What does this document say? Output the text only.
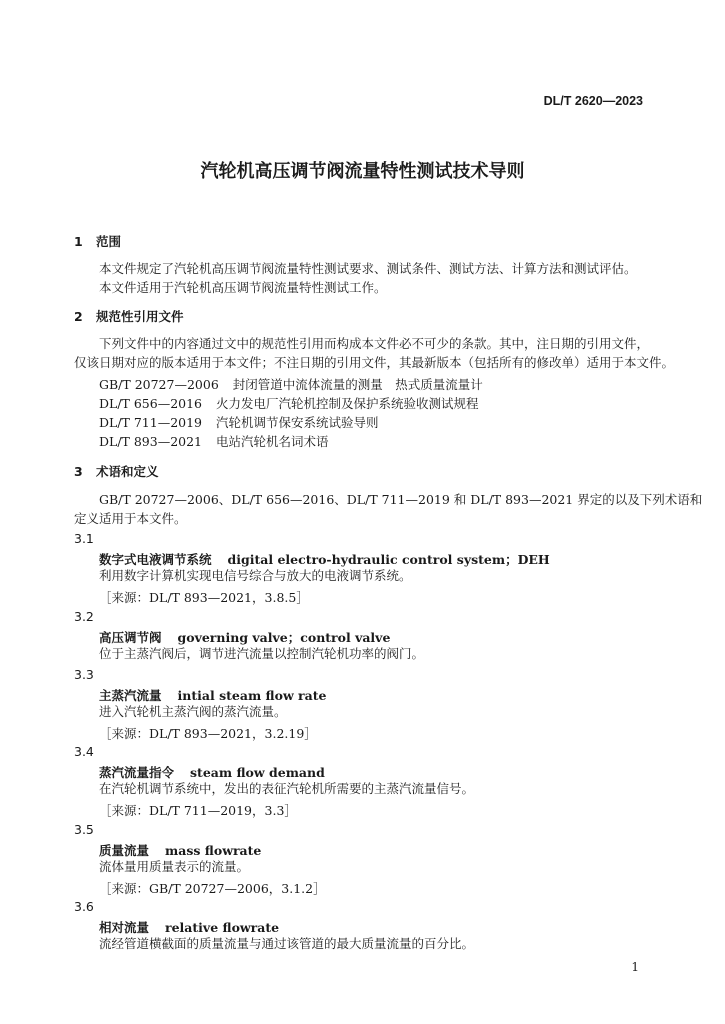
DL/T 2620—2023
汽轮机高压调节阀流量特性测试技术导则
1 范围
本文件规定了汽轮机高压调节阀流量特性测试要求、测试条件、测试方法、计算方法和测试评估。
本文件适用于汽轮机高压调节阀流量特性测试工作。
2 规范性引用文件
下列文件中的内容通过文中的规范性引用而构成本文件必不可少的条款。其中，注日期的引用文件，
仅该日期对应的版本适用于本文件；不注日期的引用文件，其最新版本（包括所有的修改单）适用于本文件。
GB/T 20727—2006 封闭管道中流体流量的测量　热式质量流量计
DL/T 656—2016 火力发电厂汽轮机控制及保护系统验收测试规程
DL/T 711—2019 汽轮机调节保安系统试验导则
DL/T 893—2021 电站汽轮机名词术语
3 术语和定义
GB/T 20727—2006、DL/T 656—2016、DL/T 711—2019 和 DL/T 893—2021 界定的以及下列术语和
定义适用于本文件。
3.1
数字式电液调节系统 digital electro-hydraulic control system；DEH
利用数字计算机实现电信号综合与放大的电液调节系统。
［来源：DL/T 893—2021，3.8.5］
3.2
高压调节阀 governing valve；control valve
位于主蒸汽阀后，调节进汽流量以控制汽轮机功率的阀门。
3.3
主蒸汽流量 intial steam flow rate
进入汽轮机主蒸汽阀的蒸汽流量。
［来源：DL/T 893—2021，3.2.19］
3.4
蒸汽流量指令 steam flow demand
在汽轮机调节系统中，发出的表征汽轮机所需要的主蒸汽流量信号。
［来源：DL/T 711—2019，3.3］
3.5
质量流量 mass flowrate
流体量用质量表示的流量。
［来源：GB/T 20727—2006，3.1.2］
3.6
相对流量 relative flowrate
流经管道横截面的质量流量与通过该管道的最大质量流量的百分比。
1
